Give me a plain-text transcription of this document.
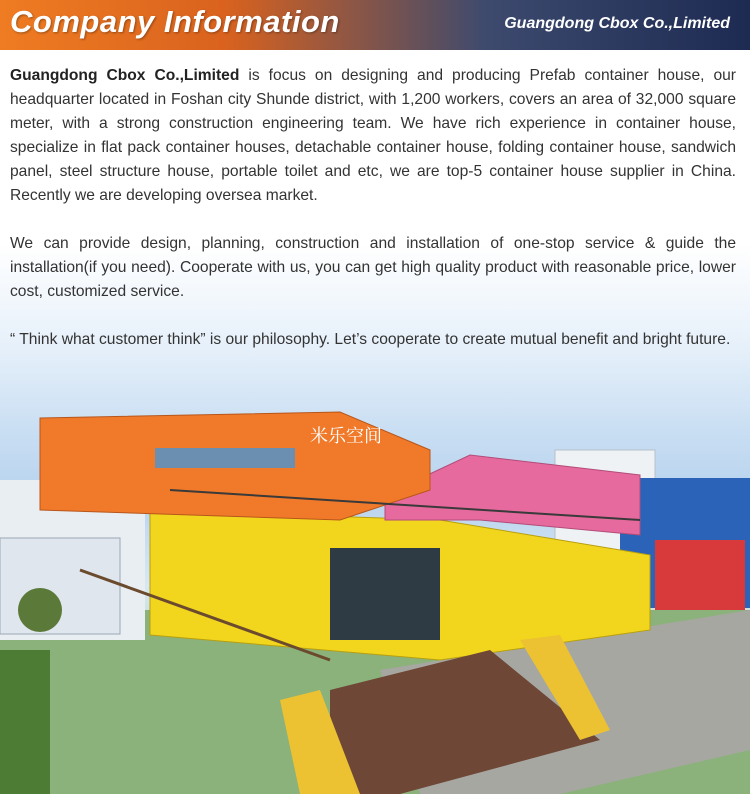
Company Information	Guangdong Cbox Co.,Limited

Guangdong Cbox Co.,Limited is focus on designing and producing Prefab container house, our headquarter located in Foshan city Shunde district, with 1,200 workers, covers an area of 32,000 square meter, with a strong construction engineering team. We have rich experience in container house, specialize in flat pack container houses, detachable container house, folding container house, sandwich panel, steel structure house, portable toilet and etc, we are top-5 container house supplier in China. Recently we are developing oversea market.

We can provide design, planning, construction and installation of one-stop service & guide the installation(if you need). Cooperate with us, you can get high quality product with reasonable price, lower cost, customized service.

“ Think what customer think” is our philosophy. Let’s cooperate to create mutual benefit and bright future.

米乐空间
